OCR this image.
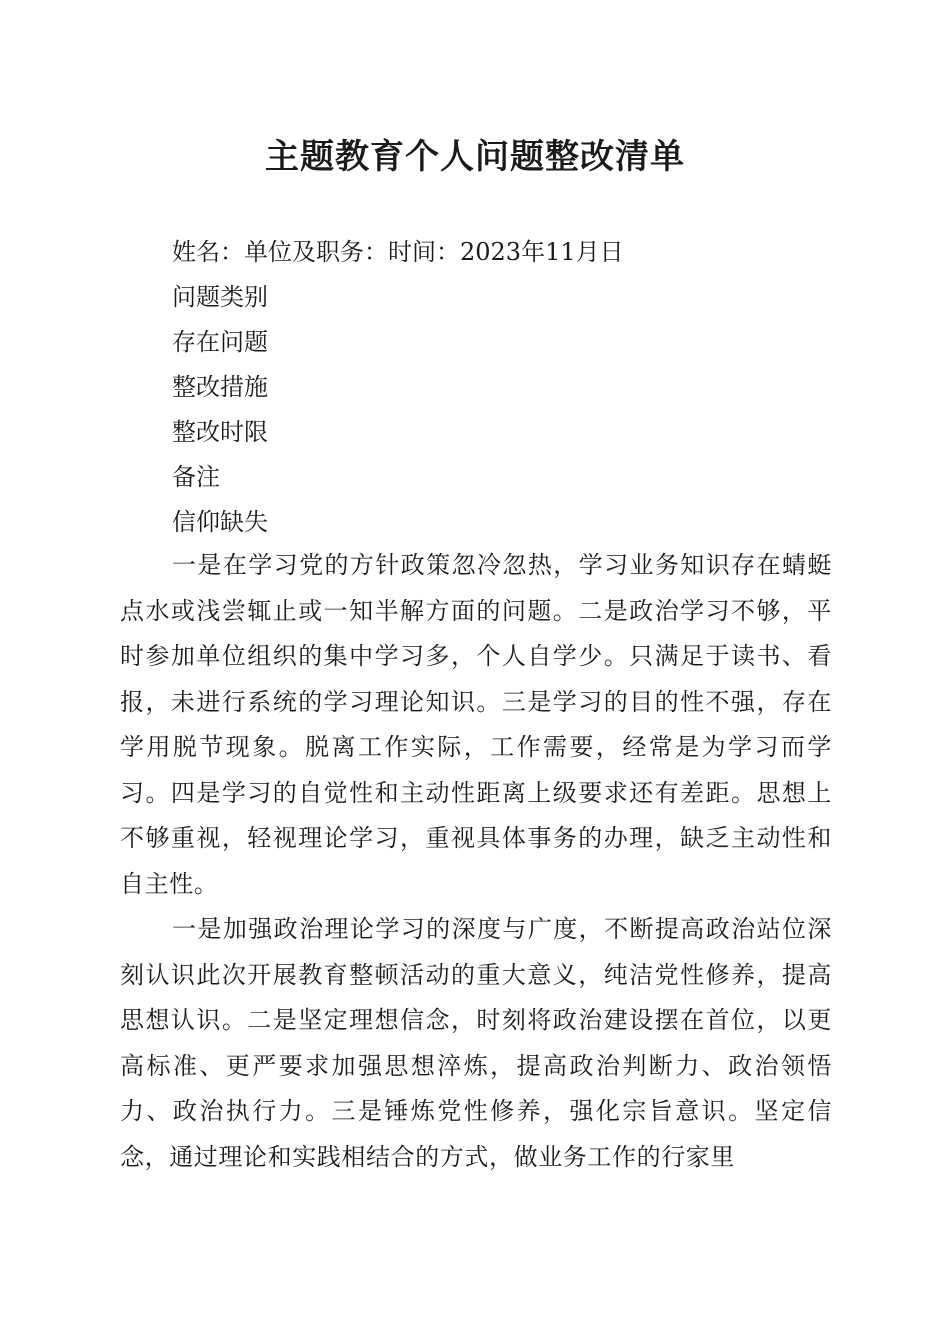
主题教育个人问题整改清单

姓名：单位及职务：时间：2023年11月日

问题类别

存在问题

整改措施

整改时限

备注

信仰缺失

一是在学习党的方针政策忽冷忽热，学习业务知识存在蜻蜓点水或浅尝辄止或一知半解方面的问题。二是政治学习不够，平时参加单位组织的集中学习多，个人自学少。只满足于读书、看报，未进行系统的学习理论知识。三是学习的目的性不强，存在学用脱节现象。脱离工作实际，工作需要，经常是为学习而学习。四是学习的自觉性和主动性距离上级要求还有差距。思想上不够重视，轻视理论学习，重视具体事务的办理，缺乏主动性和自主性。

一是加强政治理论学习的深度与广度，不断提高政治站位深刻认识此次开展教育整顿活动的重大意义，纯洁党性修养，提高思想认识。二是坚定理想信念，时刻将政治建设摆在首位，以更高标准、更严要求加强思想淬炼，提高政治判断力、政治领悟力、政治执行力。三是锤炼党性修养，强化宗旨意识。坚定信念，通过理论和实践相结合的方式，做业务工作的行家里
